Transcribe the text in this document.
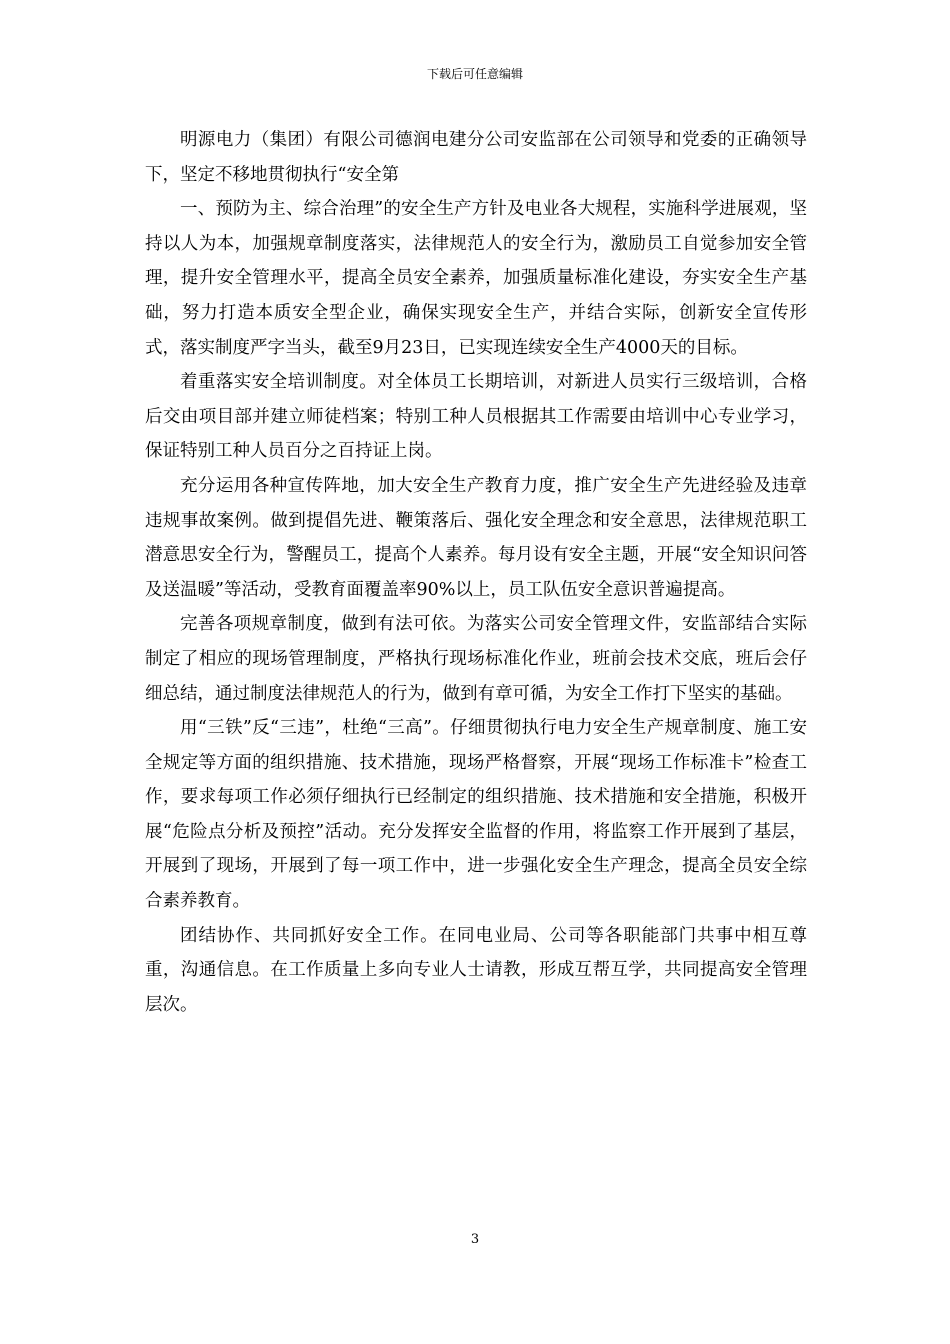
下载后可任意编辑

明源电力（集团）有限公司德润电建分公司安监部在公司领导和党委的正确领导下，坚定不移地贯彻执行“安全第

一、预防为主、综合治理”的安全生产方针及电业各大规程，实施科学进展观，坚持以人为本，加强规章制度落实，法律规范人的安全行为，激励员工自觉参加安全管理，提升安全管理水平，提高全员安全素养，加强质量标准化建设，夯实安全生产基础，努力打造本质安全型企业，确保实现安全生产，并结合实际，创新安全宣传形式，落实制度严字当头，截至9月23日，已实现连续安全生产4000天的目标。

着重落实安全培训制度。对全体员工长期培训，对新进人员实行三级培训，合格后交由项目部并建立师徒档案；特别工种人员根据其工作需要由培训中心专业学习，保证特别工种人员百分之百持证上岗。

充分运用各种宣传阵地，加大安全生产教育力度，推广安全生产先进经验及违章违规事故案例。做到提倡先进、鞭策落后、强化安全理念和安全意思，法律规范职工潜意思安全行为，警醒员工，提高个人素养。每月设有安全主题，开展“安全知识问答及送温暖”等活动，受教育面覆盖率90%以上，员工队伍安全意识普遍提高。

完善各项规章制度，做到有法可依。为落实公司安全管理文件，安监部结合实际制定了相应的现场管理制度，严格执行现场标准化作业，班前会技术交底，班后会仔细总结，通过制度法律规范人的行为，做到有章可循，为安全工作打下坚实的基础。

用“三铁”反“三违”，杜绝“三高”。仔细贯彻执行电力安全生产规章制度、施工安全规定等方面的组织措施、技术措施，现场严格督察，开展“现场工作标准卡”检查工作，要求每项工作必须仔细执行已经制定的组织措施、技术措施和安全措施，积极开展“危险点分析及预控”活动。充分发挥安全监督的作用，将监察工作开展到了基层，开展到了现场，开展到了每一项工作中，进一步强化安全生产理念，提高全员安全综合素养教育。

团结协作、共同抓好安全工作。在同电业局、公司等各职能部门共事中相互尊重，沟通信息。在工作质量上多向专业人士请教，形成互帮互学，共同提高安全管理层次。

3
